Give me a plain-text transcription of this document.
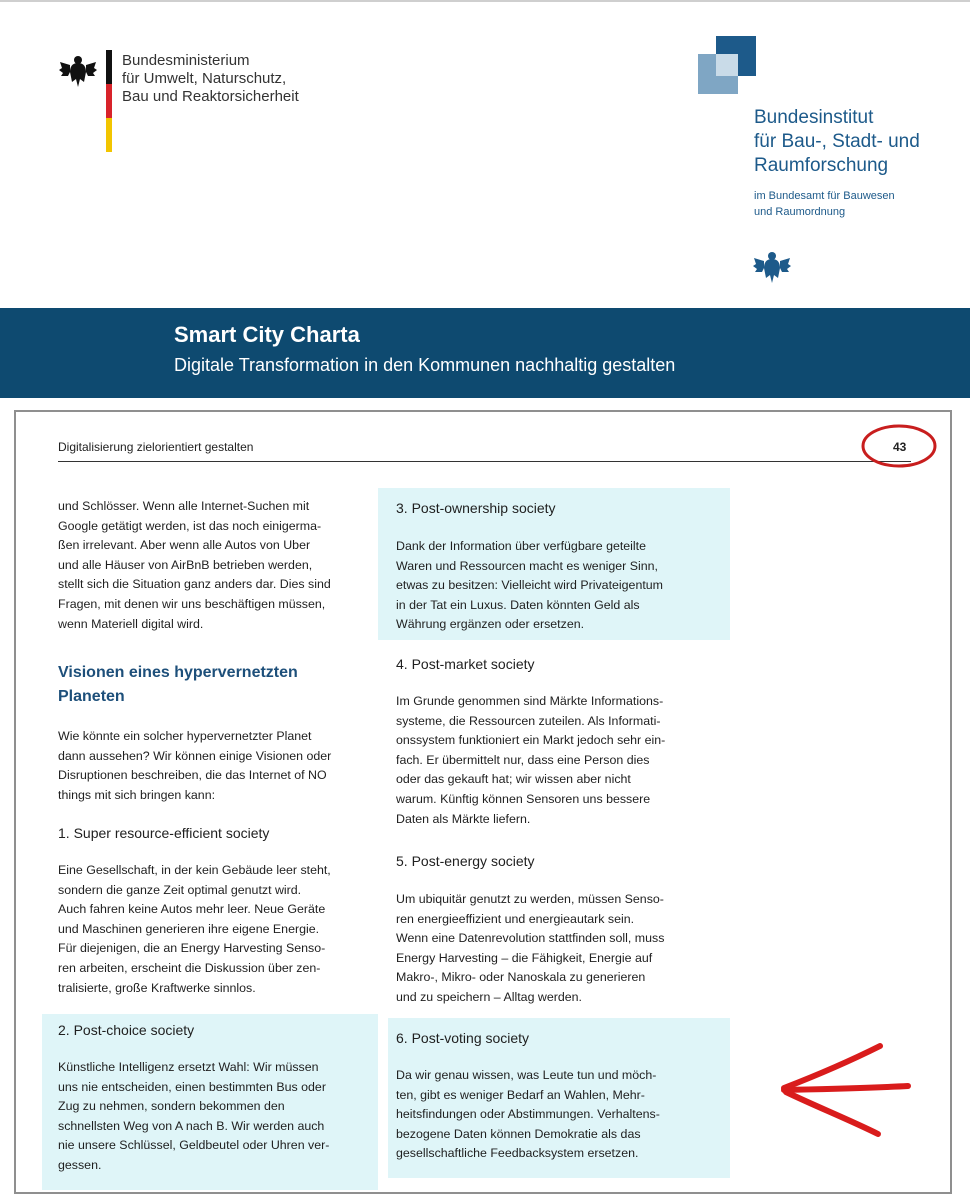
Bundesministerium
für Umwelt, Naturschutz,
Bau und Reaktorsicherheit
Bundesinstitut
für Bau-, Stadt- und
Raumforschung
im Bundesamt für Bauwesen
und Raumordnung
Smart City Charta
Digitale Transformation in den Kommunen nachhaltig gestalten
Digitalisierung zielorientiert gestalten	43
und Schlösser. Wenn alle Internet-Suchen mit
Google getätigt werden, ist das noch einigerma-
ßen irrelevant. Aber wenn alle Autos von Uber
und alle Häuser von AirBnB betrieben werden,
stellt sich die Situation ganz anders dar. Dies sind
Fragen, mit denen wir uns beschäftigen müssen,
wenn Materiell digital wird.
Visionen eines hypervernetzten
Planeten
Wie könnte ein solcher hypervernetzter Planet
dann aussehen? Wir können einige Visionen oder
Disruptionen beschreiben, die das Internet of NO
things mit sich bringen kann:
1. Super resource-efficient society
Eine Gesellschaft, in der kein Gebäude leer steht,
sondern die ganze Zeit optimal genutzt wird.
Auch fahren keine Autos mehr leer. Neue Geräte
und Maschinen generieren ihre eigene Energie.
Für diejenigen, die an Energy Harvesting Senso-
ren arbeiten, erscheint die Diskussion über zen-
tralisierte, große Kraftwerke sinnlos.
2. Post-choice society
Künstliche Intelligenz ersetzt Wahl: Wir müssen
uns nie entscheiden, einen bestimmten Bus oder
Zug zu nehmen, sondern bekommen den
schnellsten Weg von A nach B. Wir werden auch
nie unsere Schlüssel, Geldbeutel oder Uhren ver-
gessen.
3. Post-ownership society
Dank der Information über verfügbare geteilte
Waren und Ressourcen macht es weniger Sinn,
etwas zu besitzen: Vielleicht wird Privateigentum
in der Tat ein Luxus. Daten könnten Geld als
Währung ergänzen oder ersetzen.
4. Post-market society
Im Grunde genommen sind Märkte Informations-
systeme, die Ressourcen zuteilen. Als Informati-
onssystem funktioniert ein Markt jedoch sehr ein-
fach. Er übermittelt nur, dass eine Person dies
oder das gekauft hat; wir wissen aber nicht
warum. Künftig können Sensoren uns bessere
Daten als Märkte liefern.
5. Post-energy society
Um ubiquitär genutzt zu werden, müssen Senso-
ren energieeffizient und energieautark sein.
Wenn eine Datenrevolution stattfinden soll, muss
Energy Harvesting – die Fähigkeit, Energie auf
Makro-, Mikro- oder Nanoskala zu generieren
und zu speichern – Alltag werden.
6. Post-voting society
Da wir genau wissen, was Leute tun und möch-
ten, gibt es weniger Bedarf an Wahlen, Mehr-
heitsfindungen oder Abstimmungen. Verhaltens-
bezogene Daten können Demokratie als das
gesellschaftliche Feedbacksystem ersetzen.
